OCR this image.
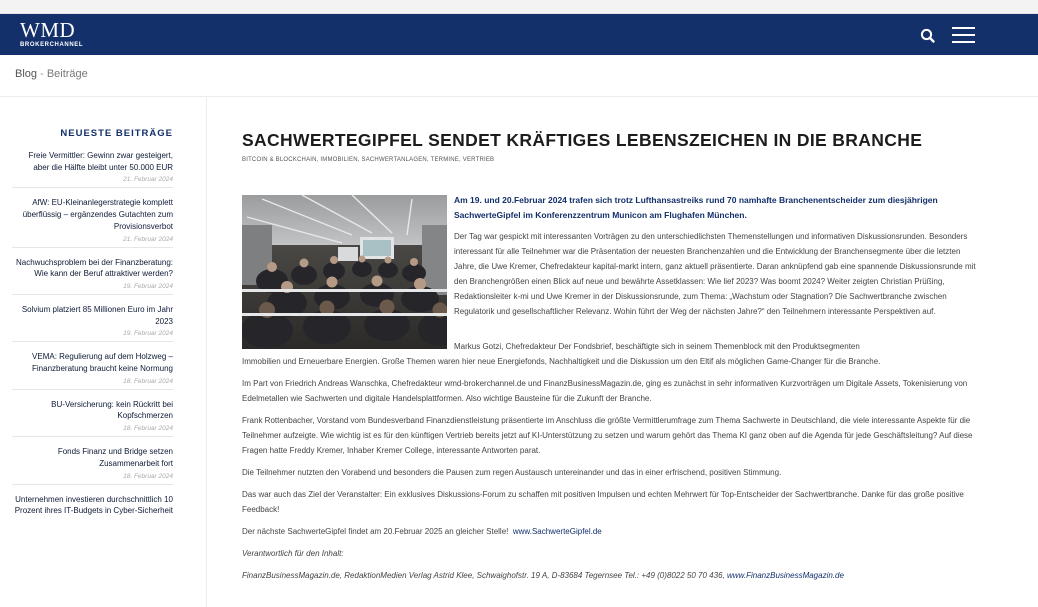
WMD
BROKERCHANNEL
Blog - Beiträge
NEUESTE BEITRÄGE
Freie Vermittler: Gewinn zwar gesteigert, aber die Hälfte bleibt unter 50.000 EUR
21. Februar 2024
AfW: EU-Kleinanlegerstrategie komplett überflüssig – ergänzendes Gutachten zum Provisionsverbot
21. Februar 2024
Nachwuchsproblem bei der Finanzberatung: Wie kann der Beruf attraktiver werden?
19. Februar 2024
Solvium platziert 85 Millionen Euro im Jahr 2023
19. Februar 2024
VEMA: Regulierung auf dem Holzweg – Finanzberatung braucht keine Normung
18. Februar 2024
BU-Versicherung: kein Rückritt bei Kopfschmerzen
18. Februar 2024
Fonds Finanz und Bridge setzen Zusammenarbeit fort
18. Februar 2024
Unternehmen investieren durchschnittlich 10 Prozent ihres IT-Budgets in Cyber-Sicherheit
SACHWERTEGIPFEL SENDET KRÄFTIGES LEBENSZEICHEN IN DIE BRANCHE
BITCOIN & BLOCKCHAIN, IMMOBILIEN, SACHWERTANLAGEN, TERMINE, VERTRIEB
Am 19. und 20.Februar 2024 trafen sich trotz Lufthansastreiks rund 70 namhafte Branchenentscheider zum diesjährigen SachwerteGipfel im Konferenzzentrum Municon am Flughafen München.
Der Tag war gespickt mit interessanten Vorträgen zu den unterschiedlichsten Themenstellungen und informativen Diskussionsrunden. Besonders interessant für alle Teilnehmer war die Präsentation der neuesten Branchenzahlen und die Entwicklung der Branchensegmente über die letzten Jahre, die Uwe Kremer, Chefredakteur kapital-markt intern, ganz aktuell präsentierte. Daran anknüpfend gab eine spannende Diskussionsrunde mit den Branchengrößen einen Blick auf neue und bewährte Assetklassen: Wie lief 2023? Was boomt 2024? Weiter zeigten Christian Prüßing, Redaktionsleiter k-mi und Uwe Kremer in der Diskussionsrunde, zum Thema: „Wachstum oder Stagnation? Die Sachwertbranche zwischen Regulatorik und gesellschaftlicher Relevanz. Wohin führt der Weg der nächsten Jahre?“ den Teilnehmern interessante Perspektiven auf.

Markus Gotzi, Chefredakteur Der Fondsbrief, beschäftigte sich in seinem Themenblock mit den Produktsegmenten

Immobilien und Erneuerbare Energien. Große Themen waren hier neue Energiefonds, Nachhaltigkeit und die Diskussion um den Eltif als möglichen Game-Changer für die Branche.

Im Part von Friedrich Andreas Wanschka, Chefredakteur wmd-brokerchannel.de und FinanzBusinessMagazin.de, ging es zunächst in sehr informativen Kurzvorträgen um Digitale Assets, Tokenisierung von Edelmetallen wie Sachwerten und digitale Handelsplattformen. Also wichtige Bausteine für die Zukunft der Branche.

Frank Rottenbacher, Vorstand vom Bundesverband Finanzdienstleistung präsentierte im Anschluss die größte Vermittlerumfrage zum Thema Sachwerte in Deutschland, die viele interessante Aspekte für die Teilnehmer aufzeigte. Wie wichtig ist es für den künftigen Vertrieb bereits jetzt auf KI-Unterstützung zu setzen und warum gehört das Thema KI ganz oben auf die Agenda für jede Geschäftsleitung? Auf diese Fragen hatte Freddy Kremer, Inhaber Kremer College, interessante Antworten parat.

Die Teilnehmer nutzten den Vorabend und besonders die Pausen zum regen Austausch untereinander und das in einer erfrischend, positiven Stimmung.

Das war auch das Ziel der Veranstalter: Ein exklusives Diskussions-Forum zu schaffen mit positiven Impulsen und echten Mehrwert für Top-Entscheider der Sachwertbranche. Danke für das große positive Feedback!

Der nächste SachwerteGipfel findet am 20.Februar 2025 an gleicher Stelle! www.SachwerteGipfel.de

Verantwortlich für den Inhalt:

FinanzBusinessMagazin.de, RedaktionMedien Verlag Astrid Klee, Schwaighofstr. 19 A, D-83684 Tegernsee Tel.: +49 (0)8022 50 70 436, www.FinanzBusinessMagazin.de
